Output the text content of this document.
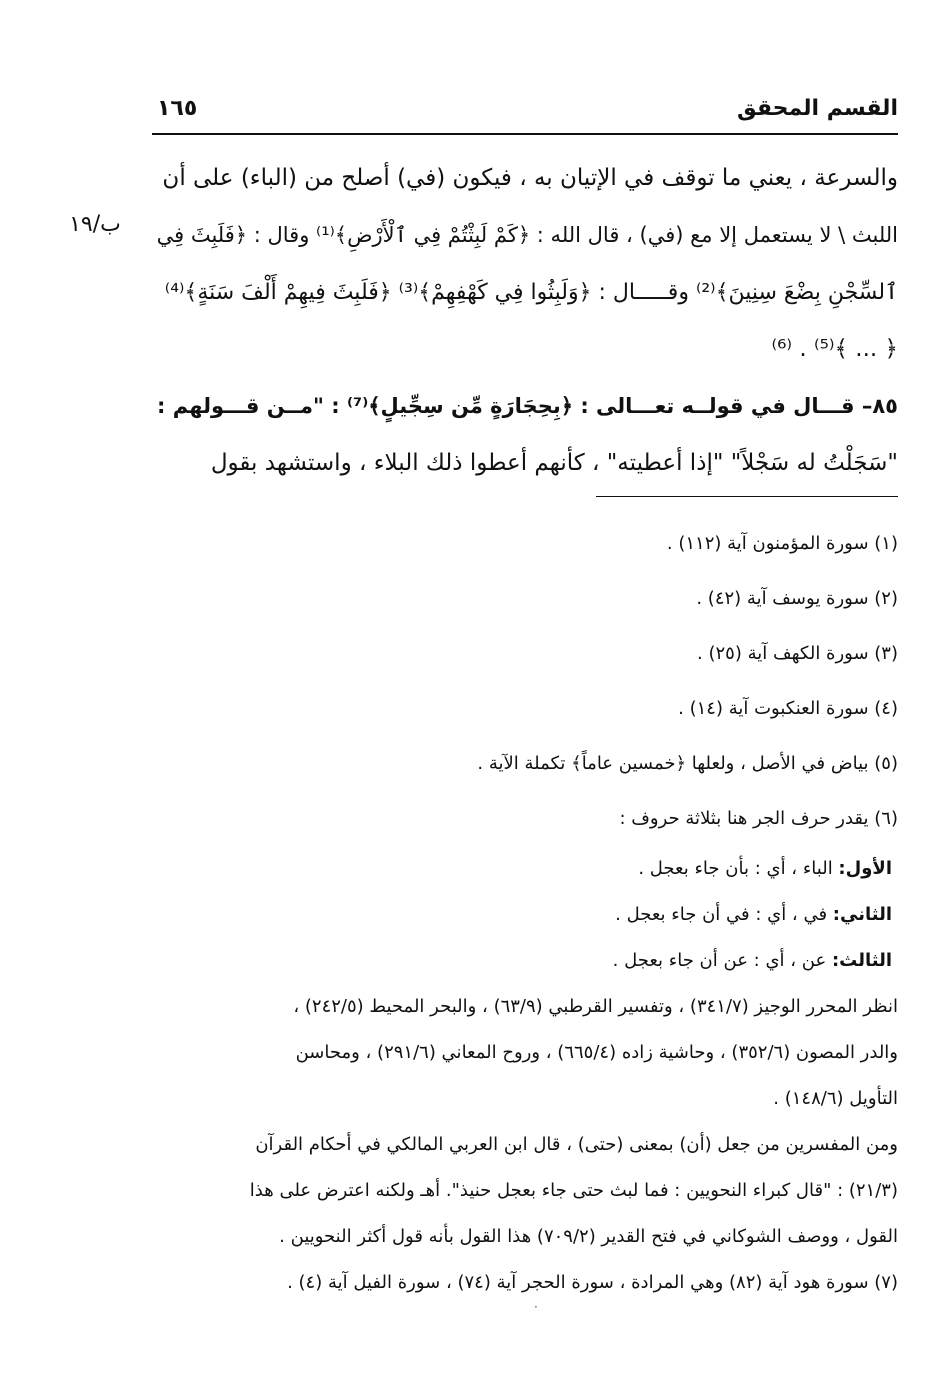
القسم المحقق
١٦٥
ب/١٩
والسرعة ، يعني ما توقف في الإتيان به ، فيكون (في) أصلح من (الباء) على أن
اللبث \ لا يستعمل إلا مع (في) ، قال الله : ﴿كَمْ لَبِثْتُمْ فِي ٱلْأَرْضِ﴾⁽¹⁾ وقال : ﴿فَلَبِثَ فِي
ٱلسِّجْنِ بِضْعَ سِنِينَ﴾⁽²⁾ وقـــــال : ﴿وَلَبِثُوا فِي كَهْفِهِمْ﴾⁽³⁾ ﴿فَلَبِثَ فِيهِمْ أَلْفَ سَنَةٍ﴾⁽⁴⁾
﴿ ... ﴾⁽⁵⁾ . ⁽⁶⁾
٨٥– قـــال في قولــه تعـــالى : ﴿بِحِجَارَةٍ مِّن سِجِّيلٍ﴾⁽⁷⁾ : "مــن قـــولهم :
"سَجَلْتُ له سَجْلاً" "إذا أعطيته" ، كأنهم أعطوا ذلك البلاء ، واستشهد بقول
(١) سورة المؤمنون آية (١١٢) .
(٢) سورة يوسف آية (٤٢) .
(٣) سورة الكهف آية (٢٥) .
(٤) سورة العنكبوت آية (١٤) .
(٥) بياض في الأصل ، ولعلها ﴿خمسين عاماً﴾ تكملة الآية .
(٦) يقدر حرف الجر هنا بثلاثة حروف :
الأول: الباء ، أي : بأن جاء بعجل .
الثاني: في ، أي : في أن جاء بعجل .
الثالث: عن ، أي : عن أن جاء بعجل .
انظر المحرر الوجيز (٣٤١/٧) ، وتفسير القرطبي (٦٣/٩) ، والبحر المحيط (٢٤٢/٥) ،
والدر المصون (٣٥٢/٦) ، وحاشية زاده (٦٦٥/٤) ، وروح المعاني (٢٩١/٦) ، ومحاسن
التأويل (١٤٨/٦) .
ومن المفسرين من جعل (أن) بمعنى (حتى) ، قال ابن العربي المالكي في أحكام القرآن
(٢١/٣) : "قال كبراء النحويين : فما لبث حتى جاء بعجل حنيذ". أهـ ولكنه اعترض على هذا
القول ، ووصف الشوكاني في فتح القدير (٧٠٩/٢) هذا القول بأنه قول أكثر النحويين .
(٧) سورة هود آية (٨٢) وهي المرادة ، سورة الحجر آية (٧٤) ، سورة الفيل آية (٤) .
·
